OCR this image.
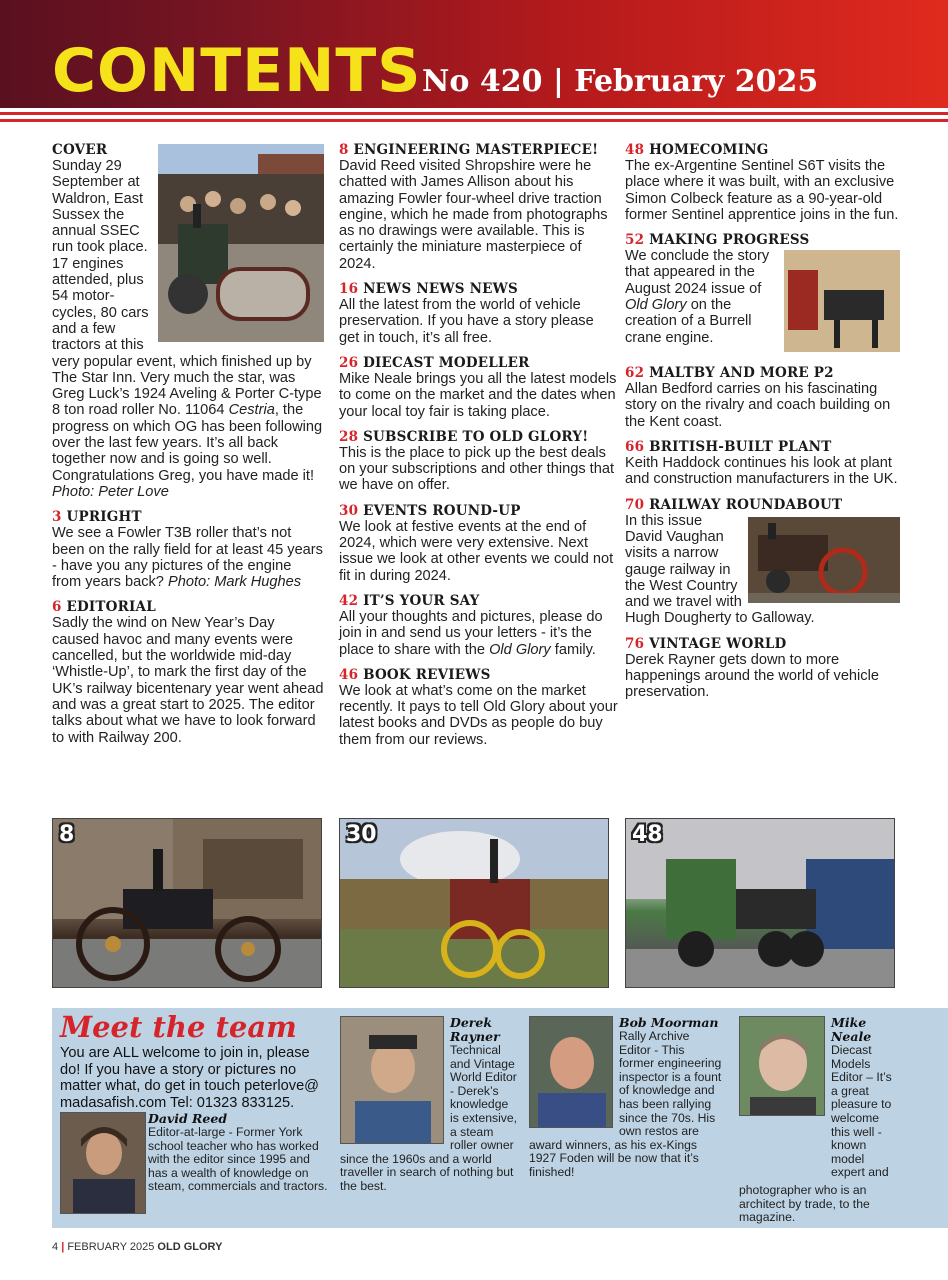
CONTENTS No 420 | February 2025
COVER
Sunday 29 September at Waldron, East Sussex the annual SSEC run took place. 17 engines attended, plus 54 motor-cycles, 80 cars and a few tractors at this very popular event, which finished up by The Star Inn. Very much the star, was Greg Luck’s 1924 Aveling & Porter C-type 8 ton road roller No. 11064 Cestria, the progress on which OG has been following over the last few years. It’s all back together now and is going so well. Congratulations Greg, you have made it! Photo: Peter Love
3 UPRIGHT
We see a Fowler T3B roller that’s not been on the rally field for at least 45 years - have you any pictures of the engine from years back? Photo: Mark Hughes
6 EDITORIAL
Sadly the wind on New Year’s Day caused havoc and many events were cancelled, but the worldwide mid-day ‘Whistle-Up’, to mark the first day of the UK’s railway bicentenary year went ahead and was a great start to 2025. The editor talks about what we have to look forward to with Railway 200.
8 ENGINEERING MASTERPIECE!
David Reed visited Shropshire were he chatted with James Allison about his amazing Fowler four-wheel drive traction engine, which he made from photographs as no drawings were available. This is certainly the miniature masterpiece of 2024.
16 NEWS NEWS NEWS
All the latest from the world of vehicle preservation. If you have a story please get in touch, it’s all free.
26 DIECAST MODELLER
Mike Neale brings you all the latest models to come on the market and the dates when your local toy fair is taking place.
28 SUBSCRIBE TO OLD GLORY!
This is the place to pick up the best deals on your subscriptions and other things that we have on offer.
30 EVENTS ROUND-UP
We look at festive events at the end of 2024, which were very extensive. Next issue we look at other events we could not fit in during 2024.
42 IT’S YOUR SAY
All your thoughts and pictures, please do join in and send us your letters - it’s the place to share with the Old Glory family.
46 BOOK REVIEWS
We look at what’s come on the market recently. It pays to tell Old Glory about your latest books and DVDs as people do buy them from our reviews.
48 HOMECOMING
The ex-Argentine Sentinel S6T visits the place where it was built, with an exclusive Simon Colbeck feature as a 90-year-old former Sentinel apprentice joins in the fun.
52 MAKING PROGRESS
We conclude the story that appeared in the August 2024 issue of Old Glory on the creation of a Burrell crane engine.
62 MALTBY AND MORE P2
Allan Bedford carries on his fascinating story on the rivalry and coach building on the Kent coast.
66 BRITISH-BUILT PLANT
Keith Haddock continues his look at plant and construction manufacturers in the UK.
70 RAILWAY ROUNDABOUT
In this issue David Vaughan visits a narrow gauge railway in the West Country and we travel with Hugh Dougherty to Galloway.
76 VINTAGE WORLD
Derek Rayner gets down to more happenings around the world of vehicle preservation.
8	30	48
Meet the team
You are ALL welcome to join in, please do! If you have a story or pictures no matter what, do get in touch peterlove@ madasafish.com Tel: 01323 833125.
David Reed
Editor-at-large - Former York school teacher who has worked with the editor since 1995 and has a wealth of knowledge on steam, commercials and tractors.
Derek Rayner
Technical and Vintage World Editor - Derek’s knowledge is extensive, a steam roller owner since the 1960s and a world traveller in search of nothing but the best.
Bob Moorman
Rally Archive Editor - This former engineering inspector is a fount of knowledge and has been rallying since the 70s. His own restos are award winners, as his ex-Kings 1927 Foden will be now that it’s finished!
Mike Neale
Diecast Models Editor – It’s a great pleasure to welcome this well -known model expert and photographer who is an architect by trade, to the magazine.
4 | FEBRUARY 2025 OLD GLORY
